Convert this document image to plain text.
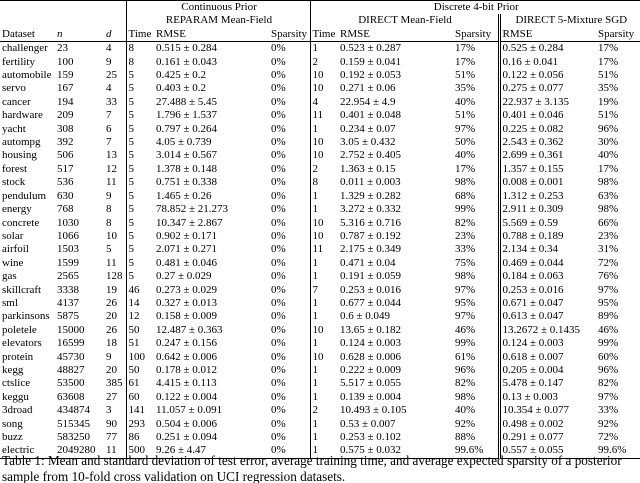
			Continuous Prior			Discrete 4-bit Prior				
			REPARAM Mean-Field			DIRECT Mean-Field			DIRECT 5-Mixture SGD	
Dataset	n	d	Time	RMSE	Sparsity	Time	RMSE	Sparsity	RMSE	Sparsity
challenger	23	4	8	0.515 ± 0.284	0%	1	0.523 ± 0.287	17%	0.525 ± 0.284	17%
fertility	100	9	8	0.161 ± 0.043	0%	2	0.159 ± 0.041	17%	0.16 ± 0.041	17%
automobile	159	25	5	0.425 ± 0.2	0%	10	0.192 ± 0.053	51%	0.122 ± 0.056	51%
servo	167	4	5	0.403 ± 0.2	0%	10	0.271 ± 0.06	35%	0.275 ± 0.077	35%
cancer	194	33	5	27.488 ± 5.45	0%	4	22.954 ± 4.9	40%	22.937 ± 3.135	19%
hardware	209	7	5	1.796 ± 1.537	0%	11	0.401 ± 0.048	51%	0.401 ± 0.046	51%
yacht	308	6	5	0.797 ± 0.264	0%	1	0.234 ± 0.07	97%	0.225 ± 0.082	96%
autompg	392	7	5	4.05 ± 0.739	0%	10	3.05 ± 0.432	50%	2.543 ± 0.362	30%
housing	506	13	5	3.014 ± 0.567	0%	10	2.752 ± 0.405	40%	2.699 ± 0.361	40%
forest	517	12	5	1.378 ± 0.148	0%	2	1.363 ± 0.15	17%	1.357 ± 0.155	17%
stock	536	11	5	0.751 ± 0.338	0%	8	0.011 ± 0.003	98%	0.008 ± 0.001	98%
pendulum	630	9	5	1.465 ± 0.26	0%	1	1.329 ± 0.282	68%	1.312 ± 0.253	63%
energy	768	8	5	78.852 ± 21.273	0%	1	3.272 ± 0.332	99%	2.911 ± 0.309	98%
concrete	1030	8	5	10.347 ± 2.867	0%	10	5.316 ± 0.716	82%	5.569 ± 0.59	66%
solar	1066	10	5	0.902 ± 0.171	0%	10	0.787 ± 0.192	23%	0.788 ± 0.189	23%
airfoil	1503	5	5	2.071 ± 0.271	0%	11	2.175 ± 0.349	33%	2.134 ± 0.34	31%
wine	1599	11	5	0.481 ± 0.046	0%	1	0.471 ± 0.04	75%	0.469 ± 0.044	72%
gas	2565	128	5	0.27 ± 0.029	0%	1	0.191 ± 0.059	98%	0.184 ± 0.063	76%
skillcraft	3338	19	46	0.273 ± 0.029	0%	7	0.253 ± 0.016	97%	0.253 ± 0.016	97%
sml	4137	26	14	0.327 ± 0.013	0%	1	0.677 ± 0.044	95%	0.671 ± 0.047	95%
parkinsons	5875	20	12	0.158 ± 0.009	0%	1	0.6 ± 0.049	97%	0.613 ± 0.047	89%
poletele	15000	26	50	12.487 ± 0.363	0%	10	13.65 ± 0.182	46%	13.2672 ± 0.1435	46%
elevators	16599	18	51	0.247 ± 0.156	0%	1	0.124 ± 0.003	99%	0.124 ± 0.003	99%
protein	45730	9	100	0.642 ± 0.006	0%	10	0.628 ± 0.006	61%	0.618 ± 0.007	60%
kegg	48827	20	50	0.178 ± 0.012	0%	1	0.222 ± 0.009	96%	0.205 ± 0.004	96%
ctslice	53500	385	61	4.415 ± 0.113	0%	1	5.517 ± 0.055	82%	5.478 ± 0.147	82%
keggu	63608	27	60	0.122 ± 0.004	0%	1	0.139 ± 0.004	98%	0.13 ± 0.003	97%
3droad	434874	3	141	11.057 ± 0.091	0%	2	10.493 ± 0.105	40%	10.354 ± 0.077	33%
song	515345	90	293	0.504 ± 0.006	0%	1	0.53 ± 0.007	92%	0.498 ± 0.002	92%
buzz	583250	77	86	0.251 ± 0.094	0%	1	0.253 ± 0.102	88%	0.291 ± 0.077	72%
electric	2049280	11	500	9.26 ± 4.47	0%	1	0.575 ± 0.032	99.6%	0.557 ± 0.055	99.6%
Table 1: Mean and standard deviation of test error, average training time, and average expected sparsity of a posterior sample from 10-fold cross validation on UCI regression datasets.
